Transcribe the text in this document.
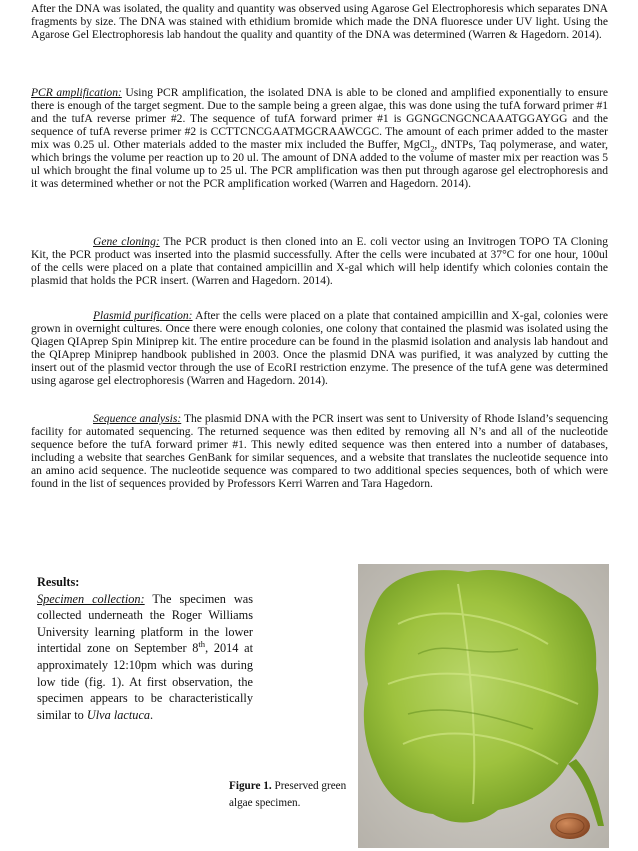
After the DNA was isolated, the quality and quantity was observed using Agarose Gel Electrophoresis which separates DNA fragments by size. The DNA was stained with ethidium bromide which made the DNA fluoresce under UV light. Using the Agarose Gel Electrophoresis lab handout the quality and quantity of the DNA was determined (Warren & Hagedorn. 2014).

PCR amplification: Using PCR amplification, the isolated DNA is able to be cloned and amplified exponentially to ensure there is enough of the target segment. Due to the sample being a green algae, this was done using the tufA forward primer #1 and the tufA reverse primer #2. The sequence of tufA forward primer #1 is GGNGCNGCNCAAATGGAYGG and the sequence of tufA reverse primer #2 is CCTTCNCGAATMGCRAAWCGC. The amount of each primer added to the master mix was 0.25 ul. Other materials added to the master mix included the Buffer, MgCl$_2$, dNTPs, Taq polymerase, and water, which brings the volume per reaction up to 20 ul. The amount of DNA added to the volume of master mix per reaction was 5 ul which brought the final volume up to 25 ul. The PCR amplification was then put through agarose gel electrophoresis and it was determined whether or not the PCR amplification worked (Warren and Hagedorn. 2014).

Gene cloning: The PCR product is then cloned into an E. coli vector using an Invitrogen TOPO TA Cloning Kit, the PCR product was inserted into the plasmid successfully. After the cells were incubated at 37°C for one hour, 100ul of the cells were placed on a plate that contained ampicillin and X-gal which will help identify which colonies contain the plasmid that holds the PCR insert. (Warren and Hagedorn. 2014).

Plasmid purification: After the cells were placed on a plate that contained ampicillin and X-gal, colonies were grown in overnight cultures. Once there were enough colonies, one colony that contained the plasmid was isolated using the Qiagen QIAprep Spin Miniprep kit. The entire procedure can be found in the plasmid isolation and analysis lab handout and the QIAprep Miniprep handbook published in 2003. Once the plasmid DNA was purified, it was analyzed by cutting the insert out of the plasmid vector through the use of EcoRI restriction enzyme. The presence of the tufA gene was determined using agarose gel electrophoresis (Warren and Hagedorn. 2014).

Sequence analysis: The plasmid DNA with the PCR insert was sent to University of Rhode Island’s sequencing facility for automated sequencing. The returned sequence was then edited by removing all N’s and all of the nucleotide sequence before the tufA forward primer #1. This newly edited sequence was then entered into a number of databases, including a website that searches GenBank for similar sequences, and a website that translates the nucleotide sequence into an amino acid sequence. The nucleotide sequence was compared to two additional species sequences, both of which were found in the list of sequences provided by Professors Kerri Warren and Tara Hagedorn.

Results:
Specimen collection: The specimen was collected underneath the Roger Williams University learning platform in the lower intertidal zone on September 8th, 2014 at approximately 12:10pm which was during low tide (fig. 1). At first observation, the specimen appears to be characteristically similar to Ulva lactuca.
Figure 1. Preserved green algae specimen.
